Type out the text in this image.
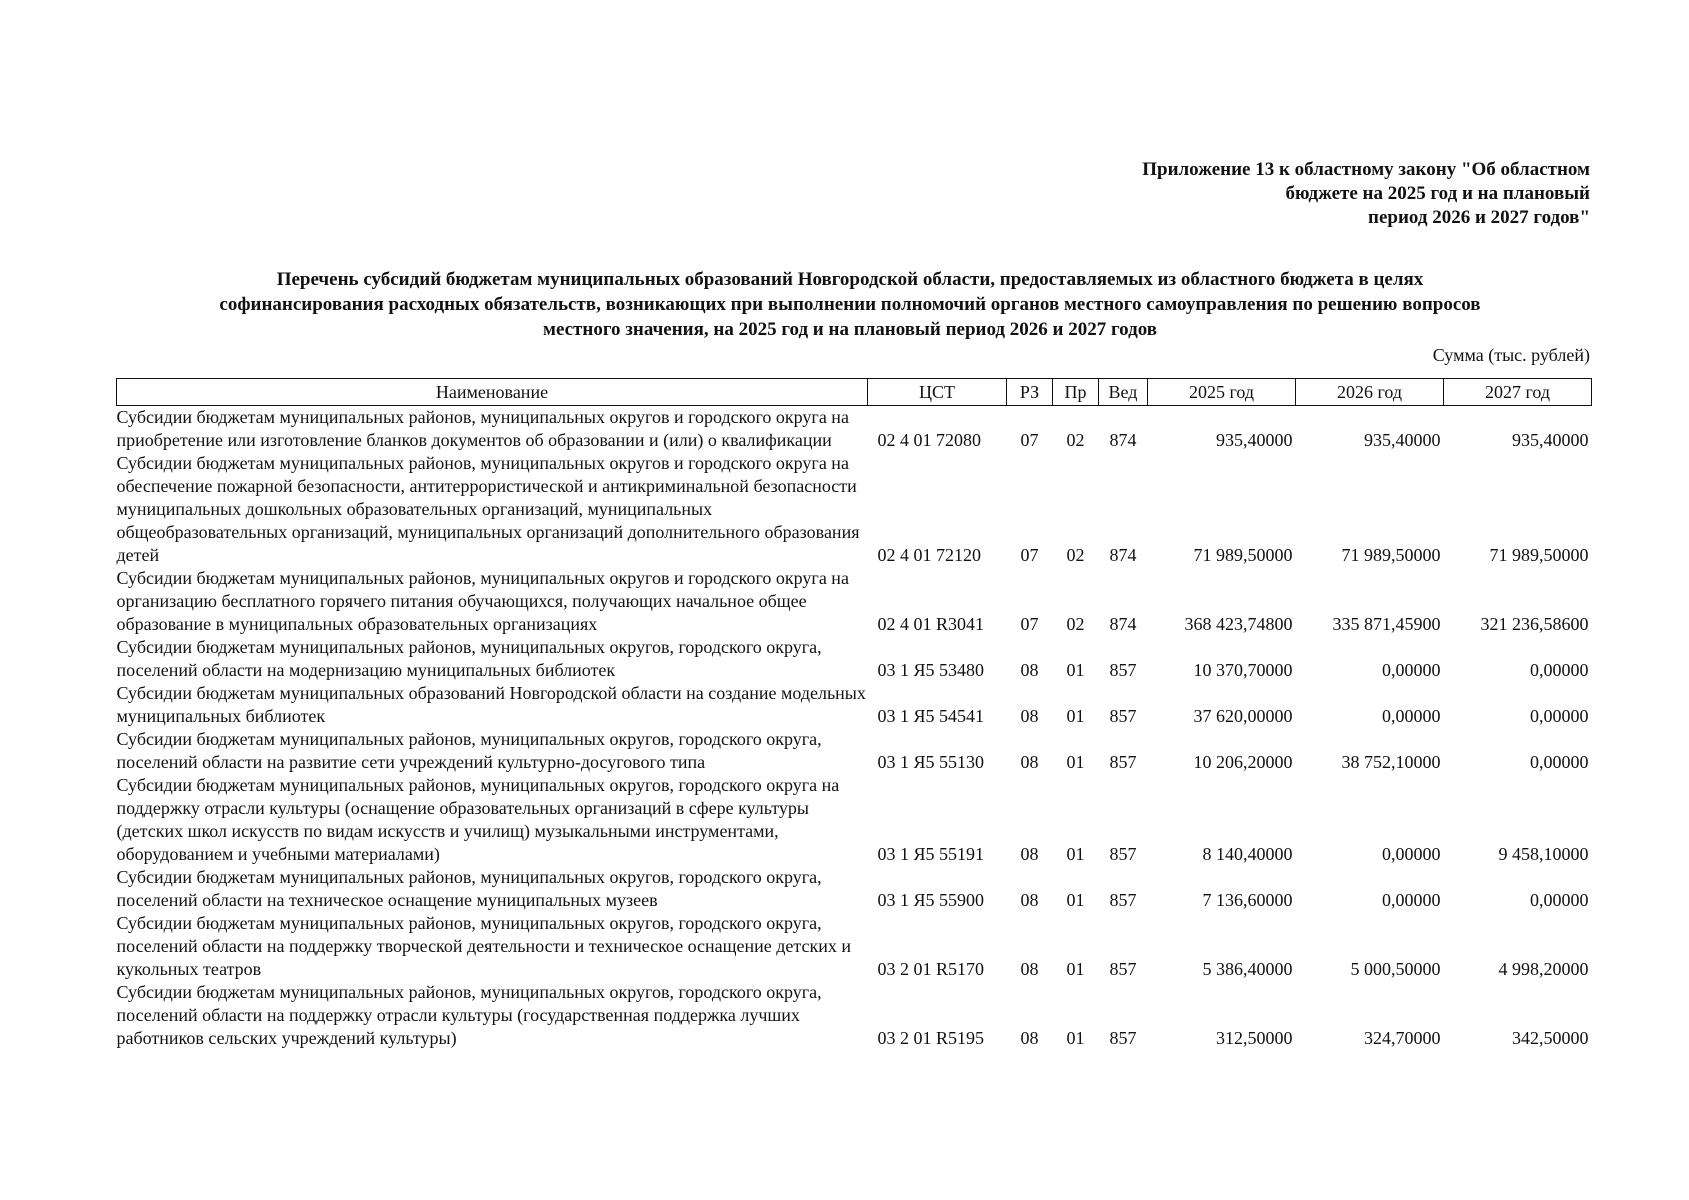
Приложение 13 к областному закону "Об областном
бюджете на 2025 год и на плановый
период 2026 и 2027 годов"
Перечень субсидий бюджетам муниципальных образований Новгородской области, предоставляемых из областного бюджета в целях
софинансирования расходных обязательств, возникающих при выполнении полномочий органов местного самоуправления по решению вопросов
местного значения, на 2025 год и на плановый период 2026 и 2027 годов
Сумма (тыс. рублей)
Наименование	ЦСТ	РЗ	Пр	Вед	2025 год	2026 год	2027 год
Субсидии бюджетам муниципальных районов, муниципальных округов и городского округа на приобретение или изготовление бланков документов об образовании и (или) о квалификации	02 4 01 72080	07	02	874	935,40000	935,40000	935,40000
Субсидии бюджетам муниципальных районов, муниципальных округов и городского округа на обеспечение пожарной безопасности, антитеррористической и антикриминальной безопасности муниципальных дошкольных образовательных организаций, муниципальных общеобразовательных организаций, муниципальных организаций дополнительного образования детей	02 4 01 72120	07	02	874	71 989,50000	71 989,50000	71 989,50000
Субсидии бюджетам муниципальных районов, муниципальных округов и городского округа на организацию бесплатного горячего питания обучающихся, получающих начальное общее образование в муниципальных образовательных организациях	02 4 01 R3041	07	02	874	368 423,74800	335 871,45900	321 236,58600
Субсидии бюджетам муниципальных районов, муниципальных округов, городского округа, поселений области на модернизацию муниципальных библиотек	03 1 Я5 53480	08	01	857	10 370,70000	0,00000	0,00000
Субсидии бюджетам муниципальных образований Новгородской области на создание модельных муниципальных библиотек	03 1 Я5 54541	08	01	857	37 620,00000	0,00000	0,00000
Субсидии бюджетам муниципальных районов, муниципальных округов, городского округа, поселений области на развитие сети учреждений культурно-досугового типа	03 1 Я5 55130	08	01	857	10 206,20000	38 752,10000	0,00000
Субсидии бюджетам муниципальных районов, муниципальных округов, городского округа на поддержку отрасли культуры (оснащение образовательных организаций в сфере культуры (детских школ искусств по видам искусств и училищ) музыкальными инструментами, оборудованием и учебными материалами)	03 1 Я5 55191	08	01	857	8 140,40000	0,00000	9 458,10000
Субсидии бюджетам муниципальных районов, муниципальных округов, городского округа, поселений области на техническое оснащение муниципальных музеев	03 1 Я5 55900	08	01	857	7 136,60000	0,00000	0,00000
Субсидии бюджетам муниципальных районов, муниципальных округов, городского округа, поселений области на поддержку творческой деятельности и техническое оснащение детских и кукольных театров	03 2 01 R5170	08	01	857	5 386,40000	5 000,50000	4 998,20000
Субсидии бюджетам муниципальных районов, муниципальных округов, городского округа, поселений области на поддержку отрасли культуры (государственная поддержка лучших работников сельских учреждений культуры)	03 2 01 R5195	08	01	857	312,50000	324,70000	342,50000
